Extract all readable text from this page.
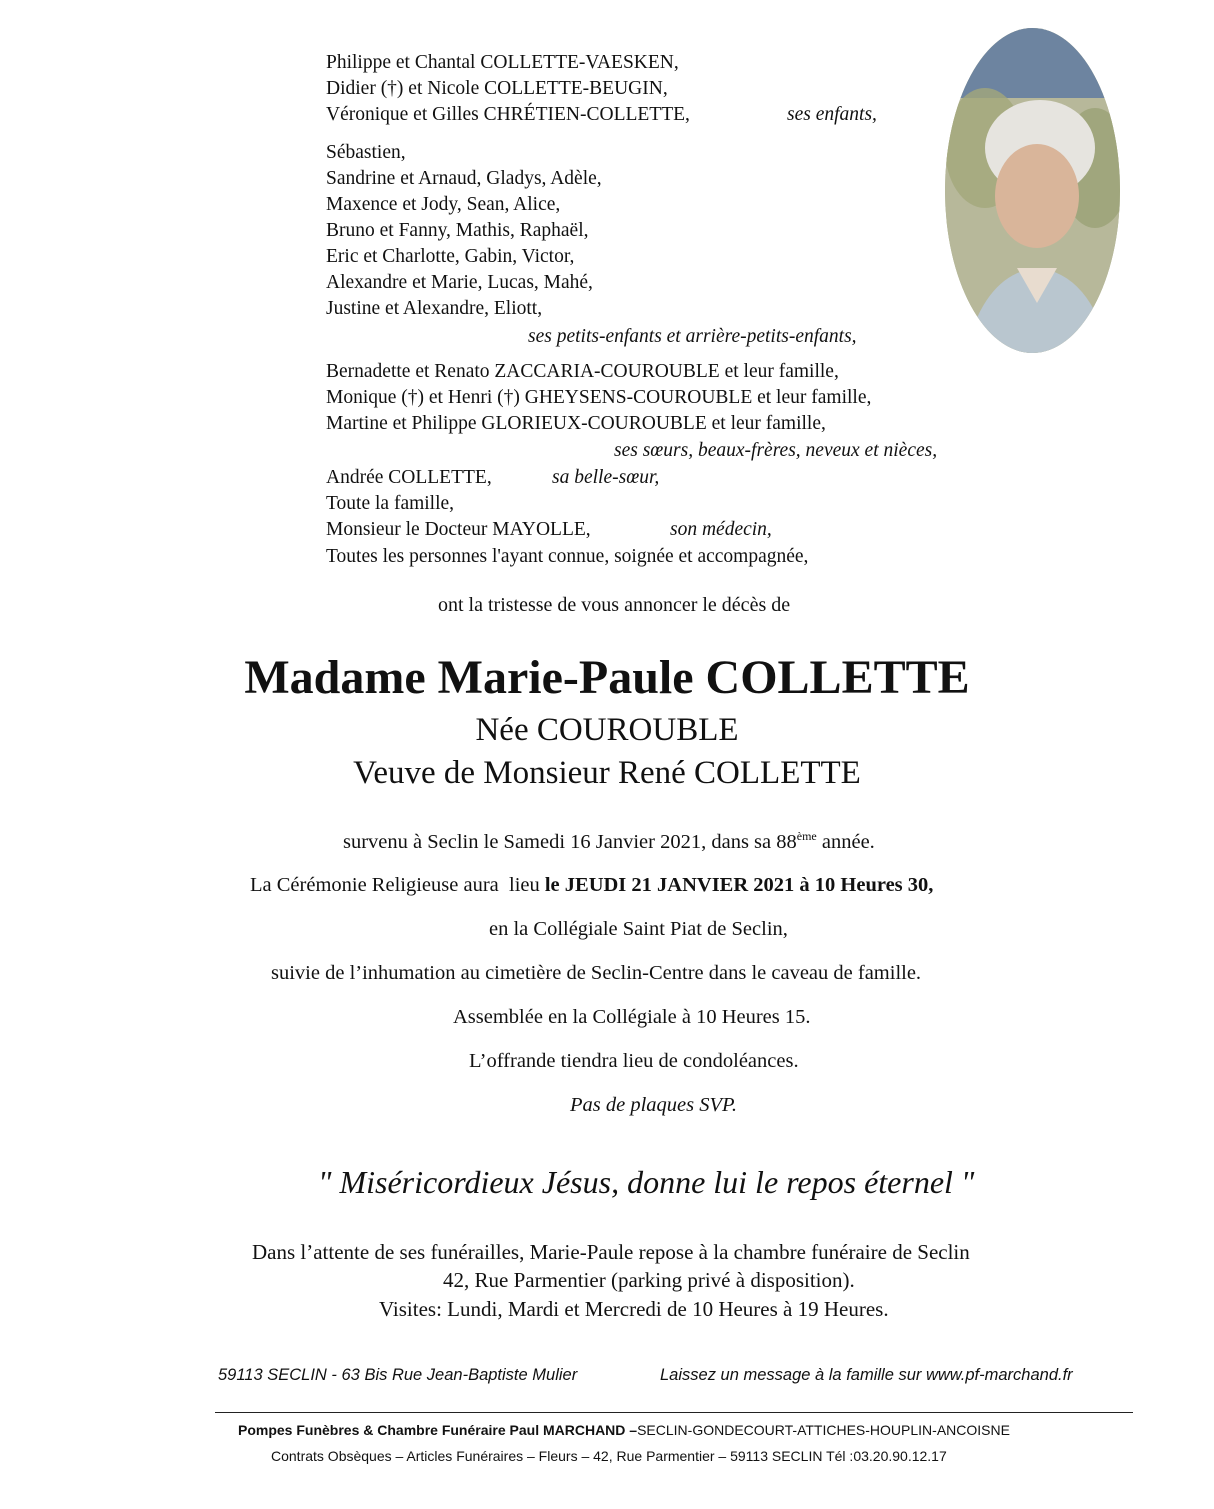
Philippe et Chantal COLLETTE-VAESKEN,
Didier (†) et Nicole COLLETTE-BEUGIN,
Véronique et Gilles CHRÉTIEN-COLLETTE,	ses enfants,
Sébastien,
Sandrine et Arnaud, Gladys, Adèle,
Maxence et Jody, Sean, Alice,
Bruno et Fanny, Mathis, Raphaël,
Eric et Charlotte, Gabin, Victor,
Alexandre et Marie, Lucas, Mahé,
Justine et Alexandre, Eliott,
ses petits-enfants et arrière-petits-enfants,
Bernadette et Renato ZACCARIA-COUROUBLE et leur famille,
Monique (†) et Henri (†) GHEYSENS-COUROUBLE et leur famille,
Martine et Philippe GLORIEUX-COUROUBLE et leur famille,
ses sœurs, beaux-frères, neveux et nièces,
Andrée COLLETTE,	sa belle-sœur,
Toute la famille,
Monsieur le Docteur MAYOLLE,	son médecin,
Toutes les personnes l'ayant connue, soignée et accompagnée,
ont la tristesse de vous annoncer le décès de
Madame Marie-Paule COLLETTE
Née COUROUBLE
Veuve de Monsieur René COLLETTE
survenu à Seclin le Samedi 16 Janvier 2021, dans sa 88ème année.
La Cérémonie Religieuse aura  lieu le JEUDI 21 JANVIER 2021 à 10 Heures 30,
en la Collégiale Saint Piat de Seclin,
suivie de l’inhumation au cimetière de Seclin-Centre dans le caveau de famille.
Assemblée en la Collégiale à 10 Heures 15.
L’offrande tiendra lieu de condoléances.
Pas de plaques SVP.
" Miséricordieux Jésus, donne lui le repos éternel "
Dans l’attente de ses funérailles, Marie-Paule repose à la chambre funéraire de Seclin
42, Rue Parmentier (parking privé à disposition).
Visites: Lundi, Mardi et Mercredi de 10 Heures à 19 Heures.
59113 SECLIN - 63 Bis Rue Jean-Baptiste Mulier	Laissez un message à la famille sur www.pf-marchand.fr
Pompes Funèbres & Chambre Funéraire Paul MARCHAND –SECLIN-GONDECOURT-ATTICHES-HOUPLIN-ANCOISNE
Contrats Obsèques – Articles Funéraires – Fleurs – 42, Rue Parmentier – 59113 SECLIN Tél :03.20.90.12.17
